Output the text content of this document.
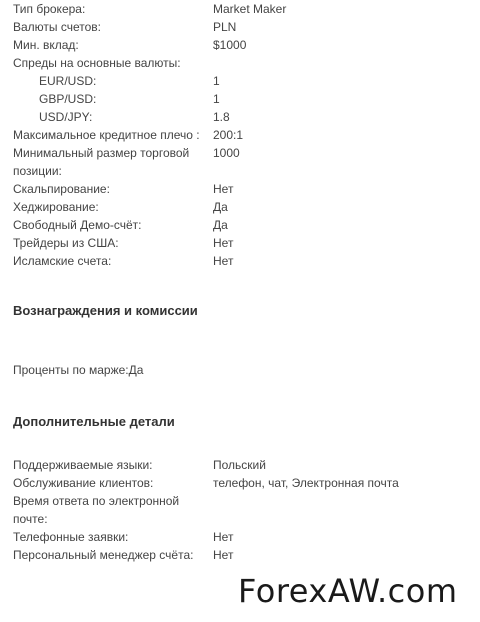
Тип брокера:	Market Maker
Валюты счетов:	PLN
Мин. вклад:	$1000
Спреды на основные валюты:
EUR/USD:	1
GBP/USD:	1
USD/JPY:	1.8
Максимальное кредитное плечо :	200:1
Минимальный размер торговой позиции:
1000
Скальпирование:	Нет
Хеджирование:	Да
Свободный Демо-счёт:	Да
Трейдеры из США:	Нет
Исламские счета:	Нет
Вознаграждения и комиссии
Проценты по марже:Да
Дополнительные детали
Поддерживаемые языки:	Польский
Обслуживание клиентов:	телефон, чат, Электронная почта
Время ответа по электронной почте:
Телефонные заявки:	Нет
Персональный менеджер счёта:	Нет
ForexAW.com
